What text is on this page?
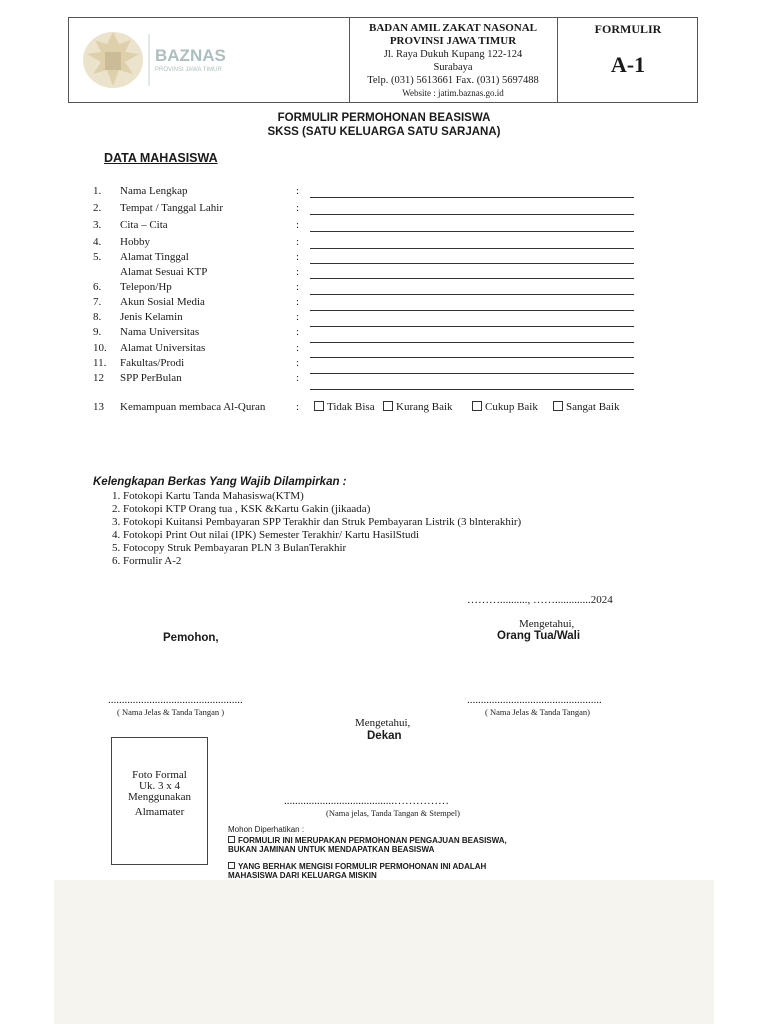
BAZNAS
PROVINSI JAWA TIMUR
BADAN AMIL ZAKAT NASONAL
PROVINSI JAWA TIMUR
Jl. Raya Dukuh Kupang 122-124
Surabaya
Telp. (031) 5613661 Fax. (031) 5697488
Website : jatim.baznas.go.id
FORMULIR
A-1
FORMULIR PERMOHONAN BEASISWA
SKSS (SATU KELUARGA SATU SARJANA)
DATA MAHASISWA
1.	Nama Lengkap	:
2.	Tempat / Tanggal Lahir	:
3.	Cita – Cita	:
4.	Hobby	:
5.	Alamat Tinggal	:
Alamat Sesuai KTP	:
6.	Telepon/Hp	:
7.	Akun Sosial Media	:
8.	Jenis Kelamin	:
9.	Nama Universitas	:
10.	Alamat Universitas	:
11.	Fakultas/Prodi	:
12	SPP PerBulan	:
13 Kemampuan membaca Al-Quran	:	Tidak Bisa	Kurang Baik	Cukup Baik	Sangat Baik
Kelengkapan Berkas Yang Wajib Dilampirkan :
1. Fotokopi Kartu Tanda Mahasiswa(KTM)
2. Fotokopi KTP Orang tua , KSK &Kartu Gakin (jikaada)
3. Fotokopi Kuitansi Pembayaran SPP Terakhir dan Struk Pembayaran Listrik (3 blnterakhir)
4. Fotokopi Print Out nilai (IPK) Semester Terakhir/ Kartu HasilStudi
5. Fotocopy Struk Pembayaran PLN 3 BulanTerakhir
6. Formulir A-2
……….........., …….............2024
Mengetahui,
Orang Tua/Wali
Pemohon,
.................................................	.................................................
( Nama Jelas & Tanda Tangan )	( Nama Jelas & Tanda Tangan)
Mengetahui,
Dekan
Foto Formal
Uk. 3 x 4
Menggunakan
Almamater
........................................……………
(Nama jelas, Tanda Tangan & Stempel)
Mohon Diperhatikan :
FORMULIR INI MERUPAKAN PERMOHONAN PENGAJUAN BEASISWA, BUKAN JAMINAN UNTUK MENDAPATKAN BEASISWA
YANG BERHAK MENGISI FORMULIR PERMOHONAN INI ADALAH MAHASISWA DARI KELUARGA MISKIN
